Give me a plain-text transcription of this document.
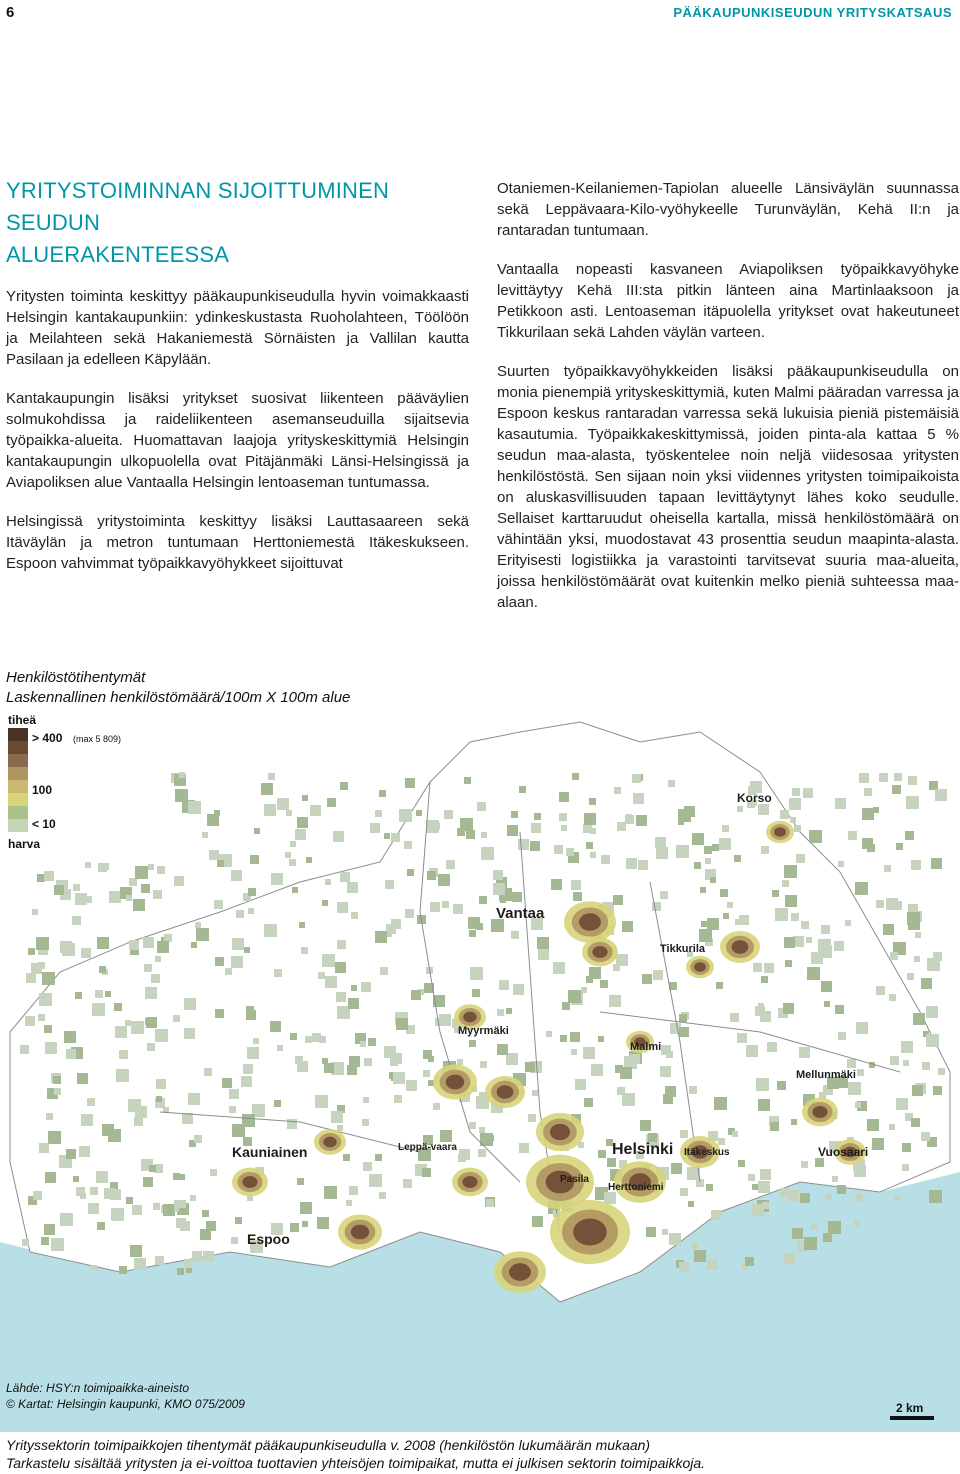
6	PÄÄKAUPUNKISEUDUN YRITYSKATSAUS
YRITYSTOIMINNAN SIJOITTUMINEN SEUDUN
ALUERAKENTEESSA

Yritysten toiminta keskittyy pääkaupunkiseudulla hyvin voimakkaasti Helsingin kantakaupunkiin: ydinkeskustasta Ruoholahteen, Töölöön ja Meilahteen sekä Hakaniemestä Sörnäisten ja Vallilan kautta Pasilaan ja edelleen Käpylään.

Kantakaupungin lisäksi yritykset suosivat liikenteen pääväylien solmukohdissa ja raideliikenteen asemanseuduilla sijaitsevia työpaikka-alueita. Huomattavan laajoja yrityskeskittymiä Helsingin kantakaupungin ulkopuolella ovat Pitäjänmäki Länsi-Helsingissä ja Aviapoliksen alue Vantaalla Helsingin lentoaseman tuntumassa.

Helsingissä yritystoiminta keskittyy lisäksi Lauttasaareen sekä Itäväylän ja metron tuntumaan Herttoniemestä Itäkeskukseen. Espoon vahvimmat työpaikkavyöhykkeet sijoittuvat

Otaniemen-Keilaniemen-Tapiolan alueelle Länsiväylän suunnassa sekä Leppävaara-Kilo-vyöhykeelle Turunväylän, Kehä II:n ja rantaradan tuntumaan.

Vantaalla nopeasti kasvaneen Aviapoliksen työpaikkavyöhyke levittäytyy Kehä III:sta pitkin länteen aina Martinlaaksoon ja Petikkoon asti. Lentoaseman itäpuolella yritykset ovat hakeutuneet Tikkurilaan sekä Lahden väylän varteen.

Suurten työpaikkavyöhykkeiden lisäksi pääkaupunkiseudulla on monia pienempiä yrityskeskittymiä, kuten Malmi pääradan varressa ja Espoon keskus rantaradan varressa sekä lukuisia pieniä pistemäisiä kasautumia. Työpaikkakeskittymissä, joiden pinta-ala kattaa 5 % seudun maa-alasta, työskentelee noin neljä viidesosaa yritysten henkilöstöstä. Sen sijaan noin yksi viidennes yritysten toimipaikoista on aluskasvillisuuden tapaan levittäytynyt lähes koko seudulle. Sellaiset karttaruudut oheisella kartalla, missä henkilöstömäärä on vähintään yksi, muodostavat 43 prosenttia seudun maapinta-alasta. Erityisesti logistiikka ja varastointi tarvitsevat suuria maa-alueita, joissa henkilöstömäärät ovat kuitenkin melko pieniä suhteessa maa-alaan.

tiheä
> 400 (max 5 809)
100
< 10
harva
Korso
Vantaa
Tikkurila
Myyrmäki
Malmi
Mellunmäki
Kauniainen	Leppä-vaara	Helsinki Itäkeskus	Vuosaari
Pasila
Herttoniemi
Espoo
2 km
Henkilöstötihentymät
Laskennallinen henkilöstömäärä/100m X 100m alue
Lähde: HSY:n toimipaikka-aineisto
© Kartat: Helsingin kaupunki, KMO 075/2009
Yrityssektorin toimipaikkojen tihentymät pääkaupunkiseudulla v. 2008 (henkilöstön lukumäärän mukaan)
Tarkastelu sisältää yritysten ja ei-voittoa tuottavien yhteisöjen toimipaikat, mutta ei julkisen sektorin toimipaikkoja.
